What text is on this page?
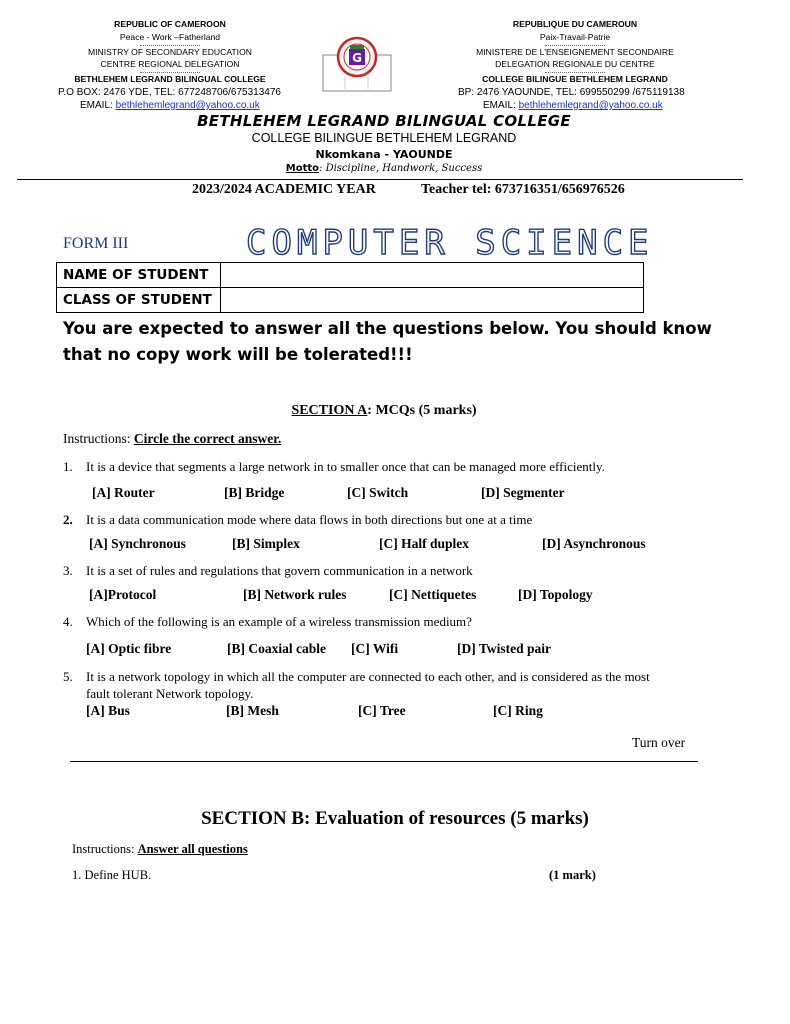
REPUBLIC OF CAMEROON
Peace - Work –Fatherland
MINISTRY OF SECONDARY EDUCATION
CENTRE REGIONAL DELEGATION
BETHLEHEM LEGRAND BILINGUAL COLLEGE
P.O BOX: 2476 YDE, TEL: 677248706/675313476
EMAIL: bethlehemlegrand@yahoo.co.uk
REPUBLIQUE DU CAMEROUN
Paix-Travail-Patrie
MINISTERE DE L'ENSEIGNEMENT SECONDAIRE
DELEGATION REGIONALE DU CENTRE
COLLEGE BILINGUE BETHLEHEM LEGRAND
BP: 2476 YAOUNDE, TEL: 699550299 /675119138
EMAIL: bethlehemlegrand@yahoo.co.uk
G
BETHLEHEM LEGRAND BILINGUAL COLLEGE
COLLEGE BILINGUE BETHLEHEM LEGRAND
Nkomkana - YAOUNDE
Motto: Discipline, Handwork, Success
2023/2024 ACADEMIC YEAR	Teacher tel: 673716351/656976526
FORM III	COMPUTER SCIENCE
NAME OF STUDENT	
CLASS OF STUDENT	
You are expected to answer all the questions below. You should know that no copy work will be tolerated!!!
SECTION A: MCQs (5 marks)
Instructions: Circle the correct answer.
1. It is a device that segments a large network in to smaller once that can be managed more efficiently.
[A] Router	[B] Bridge	[C] Switch	[D] Segmenter
2. It is a data communication mode where data flows in both directions but one at a time
[A] Synchronous	[B] Simplex	[C] Half duplex	[D] Asynchronous
3. It is a set of rules and regulations that govern communication in a network
[A]Protocol	[B] Network rules	[C] Nettiquetes	[D] Topology
4. Which of the following is an example of a wireless transmission medium?
[A] Optic fibre	[B] Coaxial cable [C] Wifi	[D] Twisted pair
5. It is a network topology in which all the computer are connected to each other, and is considered as the most
fault tolerant Network topology.
[A] Bus	[B] Mesh	[C] Tree	[C] Ring
Turn over
SECTION B: Evaluation of resources (5 marks)
Instructions: Answer all questions
1. Define HUB.	(1 mark)
